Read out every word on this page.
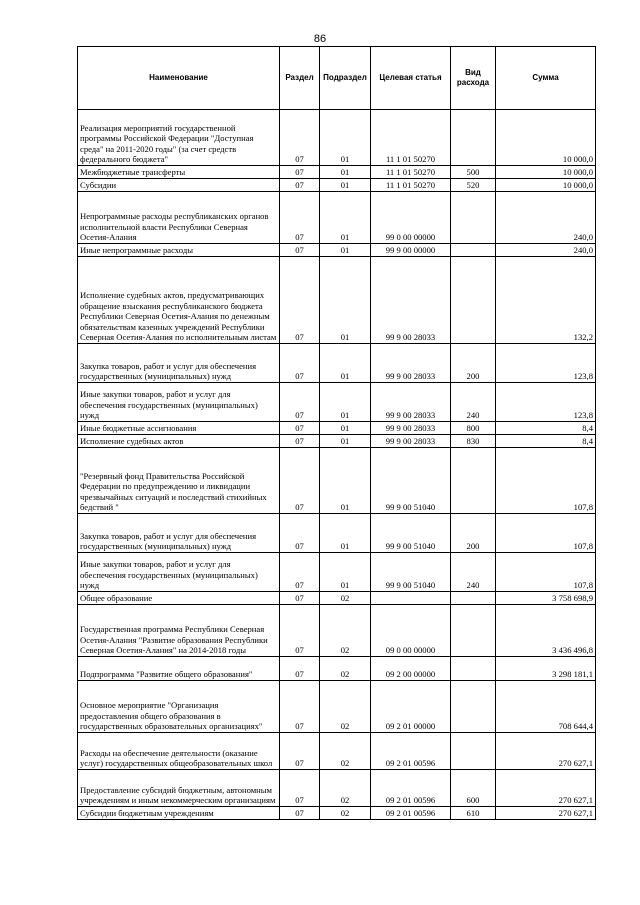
86
Наименование	Раздел	Подраздел	Целевая статья	Вид расхода	Сумма
Реализация мероприятий государственной программы Российской Федерации "Доступная среда" на 2011-2020 годы" (за счет средств федерального бюджета"	07	01	11 1 01 50270		10 000,0
Межбюджетные трансферты	07	01	11 1 01 50270	500	10 000,0
Субсидии	07	01	11 1 01 50270	520	10 000,0
Непрограммные расходы республиканских органов исполнительной власти Республики Северная Осетия-Алания	07	01	99 0 00 00000		240,0
Иные непрограммные расходы	07	01	99 9 00 00000		240,0
Исполнение судебных актов, предусматривающих обращение взыскания республиканского бюджета Республики Северная Осетия-Алания по денежным обязательствам казенных учреждений Республики Северная Осетия-Алания по исполнительным листам	07	01	99 9 00 28033		132,2
Закупка товаров, работ и услуг для обеспечения государственных (муниципальных) нужд	07	01	99 9 00 28033	200	123,8
Иные закупки товаров, работ и услуг для обеспечения государственных (муниципальных) нужд	07	01	99 9 00 28033	240	123,8
Иные бюджетные ассигнования	07	01	99 9 00 28033	800	8,4
Исполнение судебных актов	07	01	99 9 00 28033	830	8,4
"Резервный фонд Правительства Российской Федерации по предупреждению и ликвидации чрезвычайных ситуаций и последствий стихийных бедствий "	07	01	99 9 00 51040		107,8
Закупка товаров, работ и услуг для обеспечения государственных (муниципальных) нужд	07	01	99 9 00 51040	200	107,8
Иные закупки товаров, работ и услуг для обеспечения государственных (муниципальных) нужд	07	01	99 9 00 51040	240	107,8
Общее образование	07	02			3 758 698,9
Государственная программа Республики Северная Осетия-Алания "Развитие образования Республики Северная Осетия-Алания" на 2014-2018 годы	07	02	09 0 00 00000		3 436 496,8
Подпрограмма "Развитие общего образования"	07	02	09 2 00 00000		3 298 181,1
Основное мероприятие "Организация предоставления общего образования в государственных образовательных организациях"	07	02	09 2 01 00000		708 644,4
Расходы на обеспечение деятельности (оказание услуг) государственных общеобразовательных школ	07	02	09 2 01 00596		270 627,1
Предоставление субсидий бюджетным, автономным учреждениям и иным некоммерческим организациям	07	02	09 2 01 00596	600	270 627,1
Субсидии бюджетным учреждениям	07	02	09 2 01 00596	610	270 627,1
